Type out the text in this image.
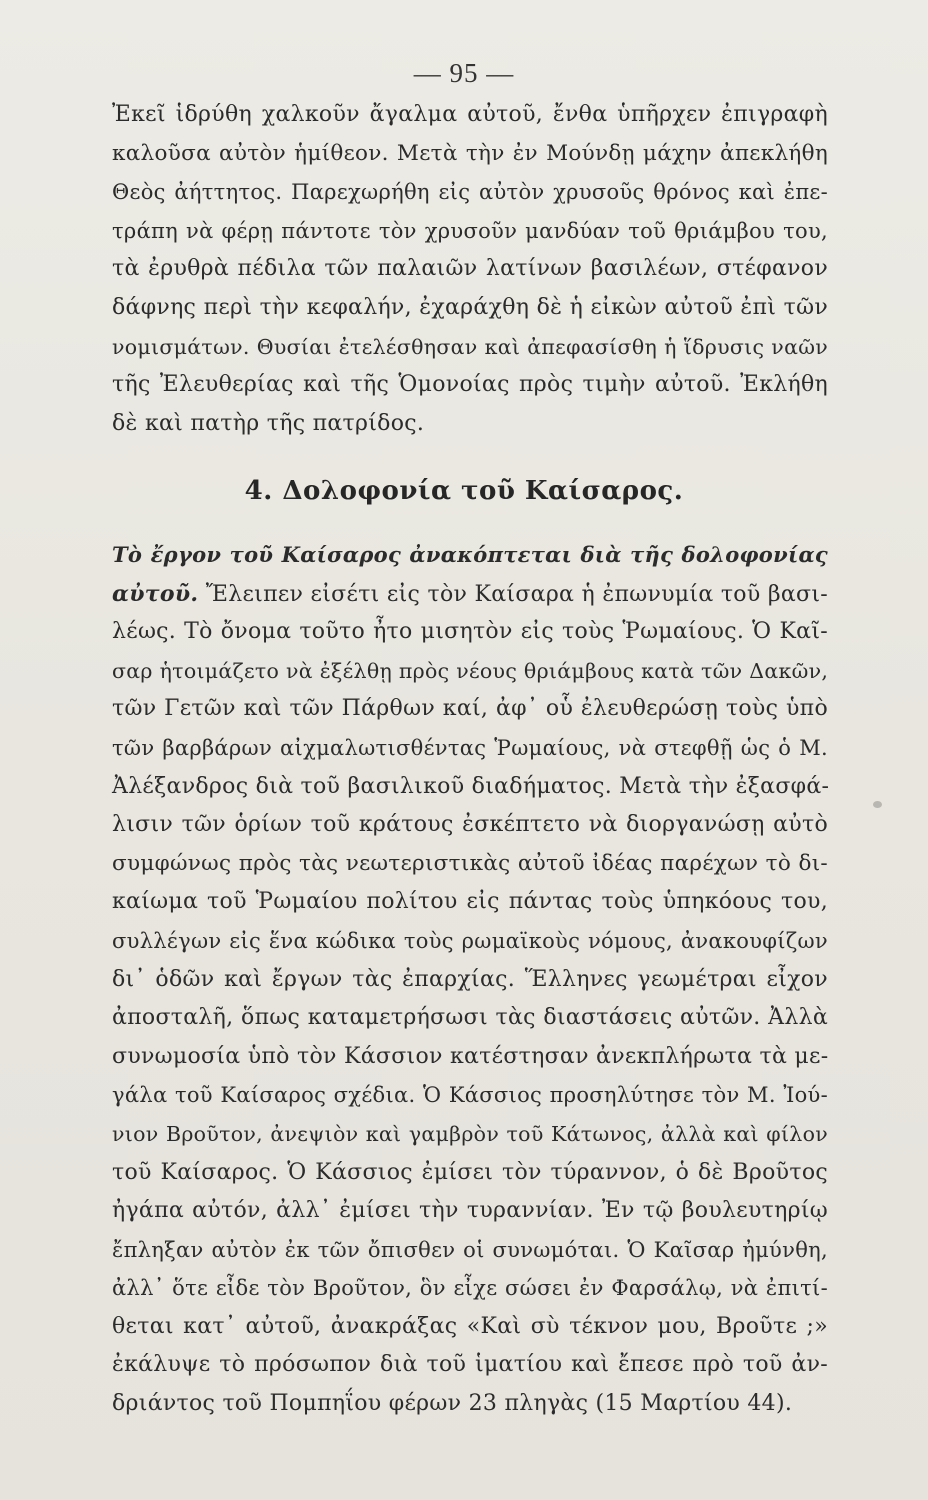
— 95 —
Ἐκεῖ ἱδρύθη χαλκοῦν ἄγαλμα αὐτοῦ, ἔνθα ὑπῆρχεν ἐπιγραφὴ
καλοῦσα αὐτὸν ἡμίθεον. Μετὰ τὴν ἐν Μούνδῃ μάχην ἀπεκλήθη
Θεὸς ἀήττητος. Παρεχωρήθη εἰς αὐτὸν χρυσοῦς θρόνος καὶ ἐπε-
τράπη νὰ φέρῃ πάντοτε τὸν χρυσοῦν μανδύαν τοῦ θριάμβου του,
τὰ ἐρυθρὰ πέδιλα τῶν παλαιῶν λατίνων βασιλέων, στέφανον
δάφνης περὶ τὴν κεφαλήν, ἐχαράχθη δὲ ἡ εἰκὼν αὐτοῦ ἐπὶ τῶν
νομισμάτων. Θυσίαι ἐτελέσθησαν καὶ ἀπεφασίσθη ἡ ἵδρυσις ναῶν
τῆς Ἐλευθερίας καὶ τῆς Ὁμονοίας πρὸς τιμὴν αὐτοῦ. Ἐκλήθη
δὲ καὶ πατὴρ τῆς πατρίδος.
4. Δολοφονία τοῦ Καίσαρος.
Τὸ ἔργον τοῦ Καίσαρος ἀνακόπτεται διὰ τῆς δολοφονίας
αὐτοῦ. Ἔλειπεν εἰσέτι εἰς τὸν Καίσαρα ἡ ἐπωνυμία τοῦ βασι-
λέως. Τὸ ὄνομα τοῦτο ἦτο μισητὸν εἰς τοὺς Ῥωμαίους. Ὁ Καῖ-
σαρ ἡτοιμάζετο νὰ ἐξέλθῃ πρὸς νέους θριάμβους κατὰ τῶν Δακῶν,
τῶν Γετῶν καὶ τῶν Πάρθων καί, ἀφ᾽ οὗ ἐλευθερώσῃ τοὺς ὑπὸ
τῶν βαρβάρων αἰχμαλωτισθέντας Ῥωμαίους, νὰ στεφθῇ ὡς ὁ Μ.
Ἀλέξανδρος διὰ τοῦ βασιλικοῦ διαδήματος. Μετὰ τὴν ἐξασφά-
λισιν τῶν ὁρίων τοῦ κράτους ἐσκέπτετο νὰ διοργανώσῃ αὐτὸ
συμφώνως πρὸς τὰς νεωτεριστικὰς αὐτοῦ ἰδέας παρέχων τὸ δι-
καίωμα τοῦ Ῥωμαίου πολίτου εἰς πάντας τοὺς ὑπηκόους του,
συλλέγων εἰς ἕνα κώδικα τοὺς ρωμαϊκοὺς νόμους, ἀνακουφίζων
δι᾽ ὁδῶν καὶ ἔργων τὰς ἐπαρχίας. Ἕλληνες γεωμέτραι εἶχον
ἀποσταλῆ, ὅπως καταμετρήσωσι τὰς διαστάσεις αὐτῶν. Ἀλλὰ
συνωμοσία ὑπὸ τὸν Κάσσιον κατέστησαν ἀνεκπλήρωτα τὰ με-
γάλα τοῦ Καίσαρος σχέδια. Ὁ Κάσσιος προσηλύτησε τὸν Μ. Ἰού-
νιον Βροῦτον, ἀνεψιὸν καὶ γαμβρὸν τοῦ Κάτωνος, ἀλλὰ καὶ φίλον
τοῦ Καίσαρος. Ὁ Κάσσιος ἐμίσει τὸν τύραννον, ὁ δὲ Βροῦτος
ἠγάπα αὐτόν, ἀλλ᾽ ἐμίσει τὴν τυραννίαν. Ἐν τῷ βουλευτηρίῳ
ἔπληξαν αὐτὸν ἐκ τῶν ὄπισθεν οἱ συνωμόται. Ὁ Καῖσαρ ἠμύνθη,
ἀλλ᾽ ὅτε εἶδε τὸν Βροῦτον, ὃν εἶχε σώσει ἐν Φαρσάλῳ, νὰ ἐπιτί-
θεται κατ᾽ αὐτοῦ, ἀνακράξας «Καὶ σὺ τέκνον μου, Βροῦτε ;»
ἐκάλυψε τὸ πρόσωπον διὰ τοῦ ἱματίου καὶ ἔπεσε πρὸ τοῦ ἀν-
δριάντος τοῦ Πομπηΐου φέρων 23 πληγὰς (15 Μαρτίου 44).
